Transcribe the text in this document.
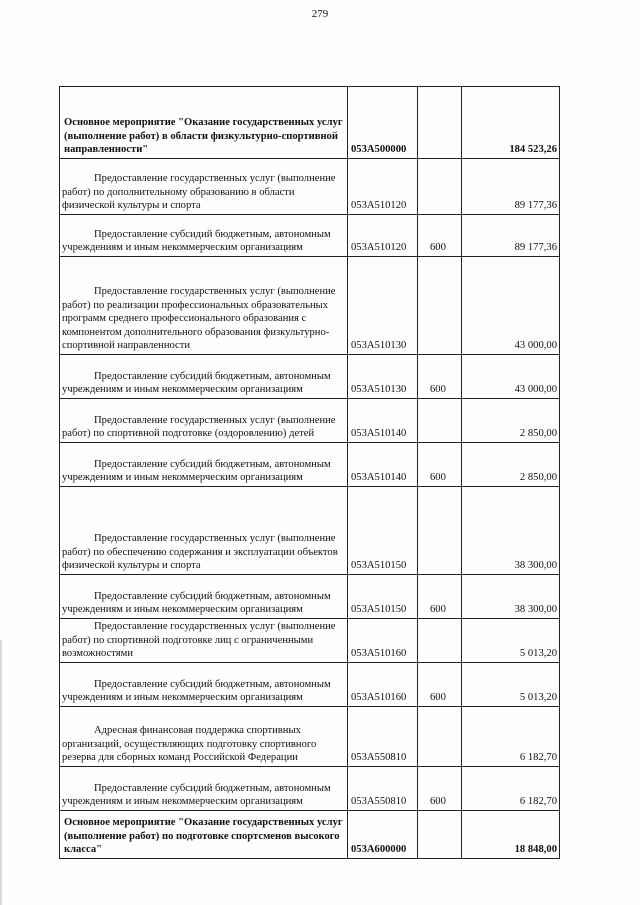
279
Основное мероприятие "Оказание государственных услуг (выполнение работ) в области физкультурно-спортивной направленности"	053А500000		184 523,26

Предоставление государственных услуг (выполнение работ) по дополнительному образованию в области физической культуры и спорта	053А510120		89 177,36

Предоставление субсидий бюджетным, автономным учреждениям и иным некоммерческим организациям	053А510120	600	89 177,36

Предоставление государственных услуг (выполнение работ) по реализации профессиональных образовательных программ среднего профессионального образования с компонентом дополнительного образования физкультурно-спортивной направленности	053А510130		43 000,00

Предоставление субсидий бюджетным, автономным учреждениям и иным некоммерческим организациям	053А510130	600	43 000,00

Предоставление государственных услуг (выполнение работ) по спортивной подготовке (оздоровлению) детей	053А510140		2 850,00

Предоставление субсидий бюджетным, автономным учреждениям и иным некоммерческим организациям	053А510140	600	2 850,00

Предоставление государственных услуг (выполнение работ) по обеспечению содержания и эксплуатации объектов физической культуры и спорта	053А510150		38 300,00

Предоставление субсидий бюджетным, автономным учреждениям и иным некоммерческим организациям	053А510150	600	38 300,00

Предоставление государственных услуг (выполнение работ) по спортивной подготовке лиц с ограниченными возможностями	053А510160		5 013,20

Предоставление субсидий бюджетным, автономным учреждениям и иным некоммерческим организациям	053А510160	600	5 013,20

Адресная финансовая поддержка спортивных организаций, осуществляющих подготовку спортивного резерва для сборных команд Российской Федерации	053А550810		6 182,70

Предоставление субсидий бюджетным, автономным учреждениям и иным некоммерческим организациям	053А550810	600	6 182,70
Основное мероприятие "Оказание государственных услуг (выполнение работ) по подготовке спортсменов высокого класса"	053А600000		18 848,00
